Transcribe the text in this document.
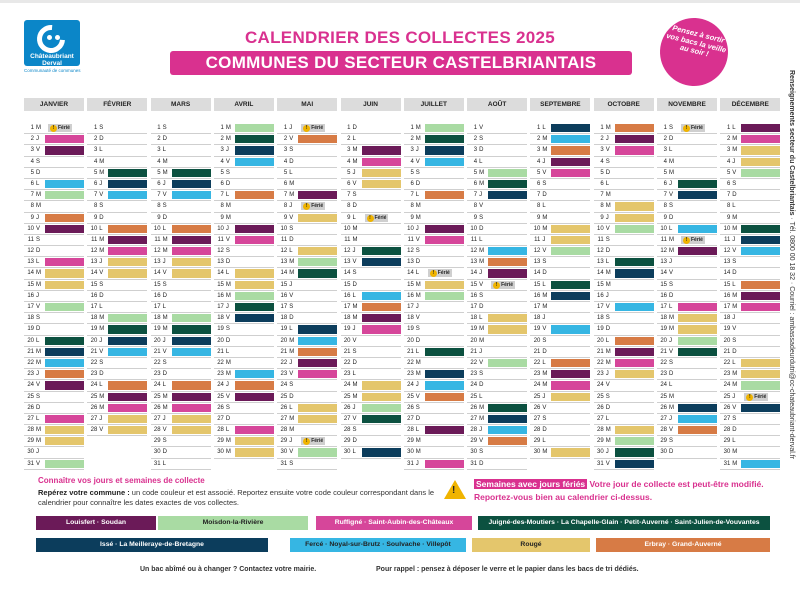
Châteaubriant Derval
Communauté de communes
CALENDRIER DES COLLECTES 2025
COMMUNES DU SECTEUR CASTELBRIANTAIS
Pensez à sortir vos bacs la veille au soir !
Renseignements secteur du Castelbriantais · Tél. 0800 00 18 32 · Courriel : ambassadeurdutri@cc-chateaubriant-derval.fr
JANVIER
1 M	! Férié
2 J
3 V
4 S
5 D
6 L
7 M
8 M
9 J
10 V
11 S
12 D
13 L
14 M
15 M
16 J
17 V
18 S
19 D
20 L
21 M
22 M
23 J
24 V
25 S
26 D
27 L
28 M
29 M
30 J
31 V
FÉVRIER
1 S
2 D
3 L
4 M
5 M
6 J
7 V
8 S
9 D
10 L
11 M
12 M
13 J
14 V
15 S
16 D
17 L
18 M
19 M
20 J
21 V
22 S
23 D
24 L
25 M
26 M
27 J
28 V
MARS
1 S
2 D
3 L
4 M
5 M
6 J
7 V
8 S
9 D
10 L
11 M
12 M
13 J
14 V
15 S
16 D
17 L
18 M
19 M
20 J
21 V
22 S
23 D
24 L
25 M
26 M
27 J
28 V
29 S
30 D
31 L
AVRIL
1 M
2 M
3 J
4 V
5 S
6 D
7 L
8 M
9 M
10 J
11 V
12 S
13 D
14 L
15 M
16 M
17 J
18 V
19 S
20 D
21 L
22 M
23 M
24 J
25 V
26 S
27 D
28 L
29 M
30 M
MAI
1 J	! Férié
2 V
3 S
4 D
5 L
6 M
7 M
8 J	! Férié
9 V
10 S
11 D
12 L
13 M
14 M
15 J
16 V
17 S
18 D
19 L
20 M
21 M
22 J
23 V
24 S
25 D
26 L
27 M
28 M
29 J	! Férié
30 V
31 S
JUIN
1 D
2 L
3 M
4 M
5 J
6 V
7 S
8 D
9 L	! Férié
10 M
11 M
12 J
13 V
14 S
15 D
16 L
17 M
18 M
19 J
20 V
21 S
22 D
23 L
24 M
25 M
26 J
27 V
28 S
29 D
30 L
JUILLET
1 M
2 M
3 J
4 V
5 S
6 D
7 L
8 M
9 M
10 J
11 V
12 S
13 D
14 L	! Férié
15 M
16 M
17 J
18 V
19 S
20 D
21 L
22 M
23 M
24 J
25 V
26 S
27 D
28 L
29 M
30 M
31 J
AOÛT
1 V
2 S
3 D
4 L
5 M
6 M
7 J
8 V
9 S
10 D
11 L
12 M
13 M
14 J
15 V	! Férié
16 S
17 D
18 L
19 M
20 M
21 J
22 V
23 S
24 D
25 L
26 M
27 M
28 J
29 V
30 S
31 D
SEPTEMBRE
1 L
2 M
3 M
4 J
5 V
6 S
7 D
8 L
9 M
10 M
11 J
12 V
13 S
14 D
15 L
16 M
17 M
18 J
19 V
20 S
21 D
22 L
23 M
24 M
25 J
26 V
27 S
28 D
29 L
30 M
OCTOBRE
1 M
2 J
3 V
4 S
5 D
6 L
7 M
8 M
9 J
10 V
11 S
12 D
13 L
14 M
15 M
16 J
17 V
18 S
19 D
20 L
21 M
22 M
23 J
24 V
25 S
26 D
27 L
28 M
29 M
30 J
31 V
NOVEMBRE
1 S	! Férié
2 D
3 L
4 M
5 M
6 J
7 V
8 S
9 D
10 L
11 M	! Férié
12 M
13 J
14 V
15 S
16 D
17 L
18 M
19 M
20 J
21 V
22 S
23 D
24 L
25 M
26 M
27 J
28 V
29 S
30 D
DÉCEMBRE
1 L
2 M
3 M
4 J
5 V
6 S
7 D
8 L
9 M
10 M
11 J
12 V
13 S
14 D
15 L
16 M
17 M
18 J
19 V
20 S
21 D
22 L
23 M
24 M
25 J	! Férié
26 V
27 S
28 D
29 L
30 M
31 M
Connaître vos jours et semaines de collecte
Repérez votre commune : un code couleur et est associé. Reportez ensuite votre code couleur correspondant dans le calendrier pour connaître les dates exactes de vos collectes.
!
Semaines avec jours fériés Votre jour de collecte est peut-être modifié. Reportez-vous bien au calendrier ci-dessus.
Louisfert · Soudan	Moisdon-la-Rivière	Ruffigné · Saint-Aubin-des-Châteaux	Juigné-des-Moutiers · La Chapelle-Glain · Petit-Auverné · Saint-Julien-de-Vouvantes
Issé · La Meilleraye-de-Bretagne	Fercé · Noyal-sur-Brutz · Soulvache · Villepôt	Rougé	Erbray · Grand-Auverné
Un bac abîmé ou à changer ? Contactez votre mairie.	Pour rappel : pensez à déposer le verre et le papier dans les bacs de tri dédiés.
